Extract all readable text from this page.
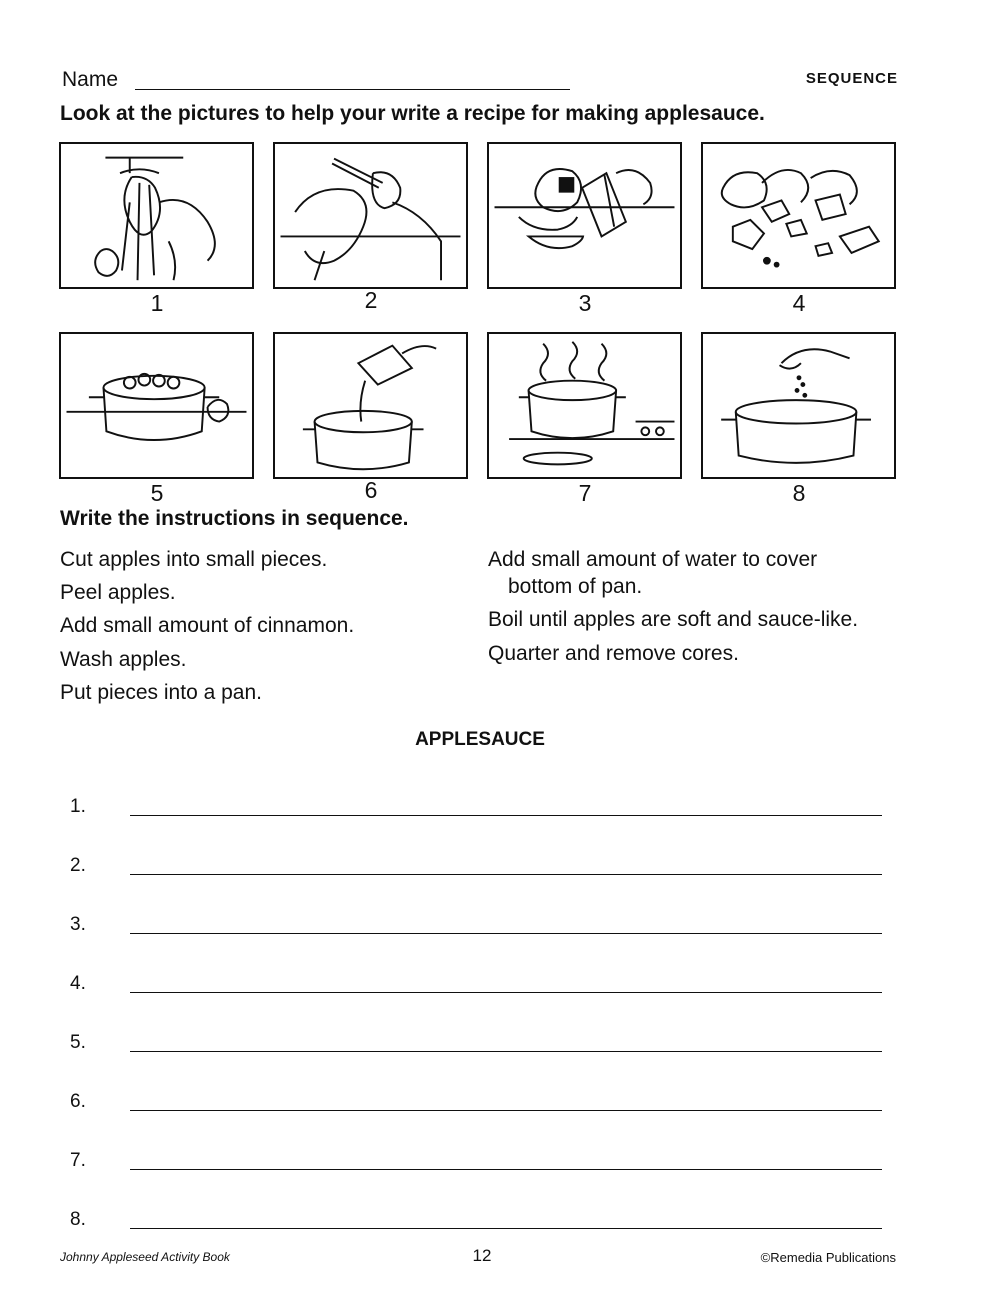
Name	SEQUENCE
Look at the pictures to help your write a recipe for making applesauce.
1	2	3	4
5	6	7	8
Write the instructions in sequence.
Cut apples into small pieces.
Peel apples.
Add small amount of cinnamon.
Wash apples.
Put pieces into a pan.
Add small amount of water to cover
bottom of pan.
Boil until apples are soft and sauce-like.
Quarter and remove cores.
APPLESAUCE
1.
2.
3.
4.
5.
6.
7.
8.
Johnny Appleseed Activity Book	12	©Remedia Publications
